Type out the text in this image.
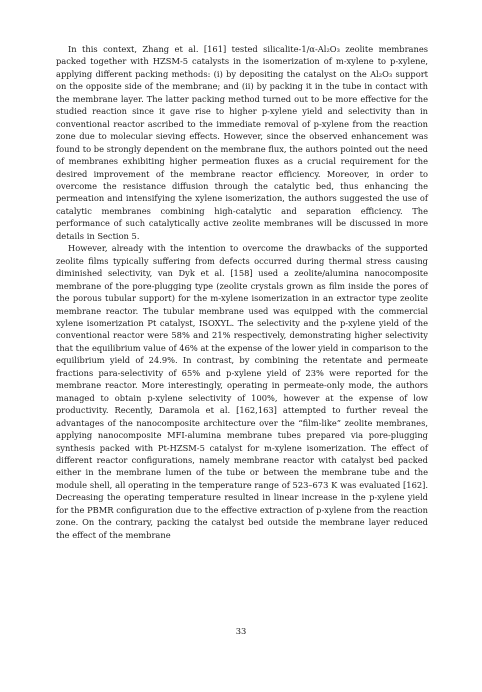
In this context, Zhang et al. [161] tested silicalite-1/α-Al₂O₃ zeolite membranes packed together with HZSM-5 catalysts in the isomerization of m-xylene to p-xylene, applying different packing methods: (i) by depositing the catalyst on the Al₂O₃ support on the opposite side of the membrane; and (ii) by packing it in the tube in contact with the membrane layer. The latter packing method turned out to be more effective for the studied reaction since it gave rise to higher p-xylene yield and selectivity than in conventional reactor ascribed to the immediate removal of p-xylene from the reaction zone due to molecular sieving effects. However, since the observed enhancement was found to be strongly dependent on the membrane flux, the authors pointed out the need of membranes exhibiting higher permeation fluxes as a crucial requirement for the desired improvement of the membrane reactor efficiency. Moreover, in order to overcome the resistance diffusion through the catalytic bed, thus enhancing the permeation and intensifying the xylene isomerization, the authors suggested the use of catalytic membranes combining high-catalytic and separation efficiency. The performance of such catalytically active zeolite membranes will be discussed in more details in Section 5.

However, already with the intention to overcome the drawbacks of the supported zeolite films typically suffering from defects occurred during thermal stress causing diminished selectivity, van Dyk et al. [158] used a zeolite/alumina nanocomposite membrane of the pore-plugging type (zeolite crystals grown as film inside the pores of the porous tubular support) for the m-xylene isomerization in an extractor type zeolite membrane reactor. The tubular membrane used was equipped with the commercial xylene isomerization Pt catalyst, ISOXYL. The selectivity and the p-xylene yield of the conventional reactor were 58% and 21% respectively, demonstrating higher selectivity that the equilibrium value of 46% at the expense of the lower yield in comparison to the equilibrium yield of 24.9%. In contrast, by combining the retentate and permeate fractions para-selectivity of 65% and p-xylene yield of 23% were reported for the membrane reactor. More interestingly, operating in permeate-only mode, the authors managed to obtain p-xylene selectivity of 100%, however at the expense of low productivity. Recently, Daramola et al. [162,163] attempted to further reveal the advantages of the nanocomposite architecture over the “film-like” zeolite membranes, applying nanocomposite MFI-alumina membrane tubes prepared via pore-plugging synthesis packed with Pt-HZSM-5 catalyst for m-xylene isomerization. The effect of different reactor configurations, namely membrane reactor with catalyst bed packed either in the membrane lumen of the tube or between the membrane tube and the module shell, all operating in the temperature range of 523–673 K was evaluated [162]. Decreasing the operating temperature resulted in linear increase in the p-xylene yield for the PBMR configuration due to the effective extraction of p-xylene from the reaction zone. On the contrary, packing the catalyst bed outside the membrane layer reduced the effect of the membrane

33
